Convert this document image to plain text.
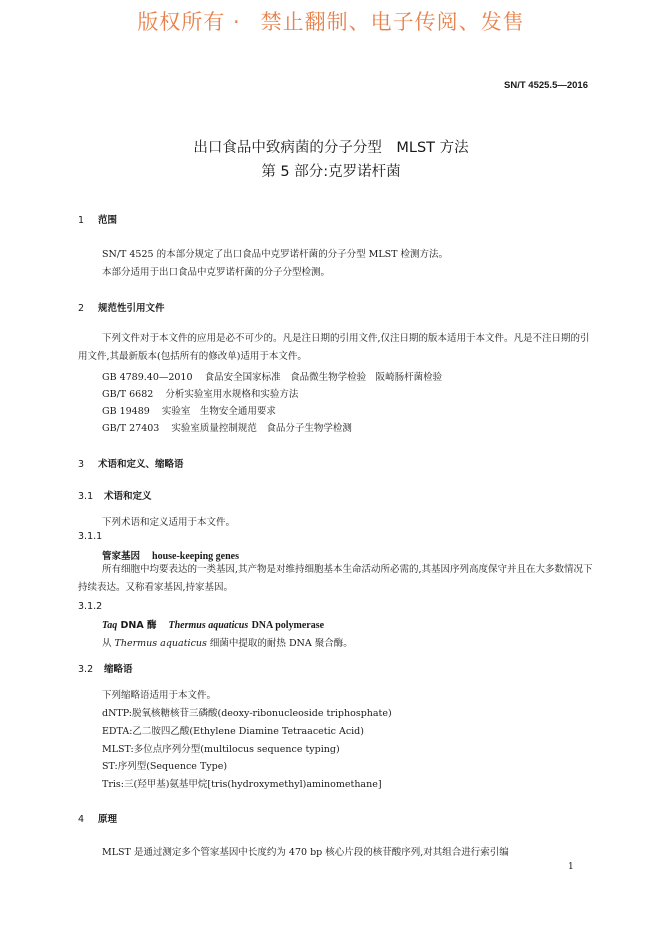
版权所有 · 禁止翻制、电子传阅、发售
SN/T 4525.5—2016
出口食品中致病菌的分子分型　MLST 方法
第 5 部分:克罗诺杆菌
1 范围
SN/T 4525 的本部分规定了出口食品中克罗诺杆菌的分子分型 MLST 检测方法。
本部分适用于出口食品中克罗诺杆菌的分子分型检测。
2 规范性引用文件
下列文件对于本文件的应用是必不可少的。凡是注日期的引用文件,仅注日期的版本适用于本文件。凡是不注日期的引用文件,其最新版本(包括所有的修改单)适用于本文件。
GB 4789.40—2010 食品安全国家标准　食品微生物学检验　阪崎肠杆菌检验
GB/T 6682 分析实验室用水规格和实验方法
GB 19489 实验室　生物安全通用要求
GB/T 27403 实验室质量控制规范　食品分子生物学检测
3 术语和定义、缩略语
3.1 术语和定义
下列术语和定义适用于本文件。
3.1.1
管家基因 house-keeping genes
所有细胞中均要表达的一类基因,其产物是对维持细胞基本生命活动所必需的,其基因序列高度保守并且在大多数情况下持续表达。又称看家基因,持家基因。
3.1.2
Taq DNA 酶 Thermus aquaticus DNA polymerase
从 Thermus aquaticus 细菌中提取的耐热 DNA 聚合酶。
3.2 缩略语
下列缩略语适用于本文件。
dNTP:脱氧核糖核苷三磷酸(deoxy-ribonucleoside triphosphate)
EDTA:乙二胺四乙酸(Ethylene Diamine Tetraacetic Acid)
MLST:多位点序列分型(multilocus sequence typing)
ST:序列型(Sequence Type)
Tris:三(羟甲基)氨基甲烷[tris(hydroxymethyl)aminomethane]
4 原理
MLST 是通过测定多个管家基因中长度约为 470 bp 核心片段的核苷酸序列,对其组合进行索引编
1
